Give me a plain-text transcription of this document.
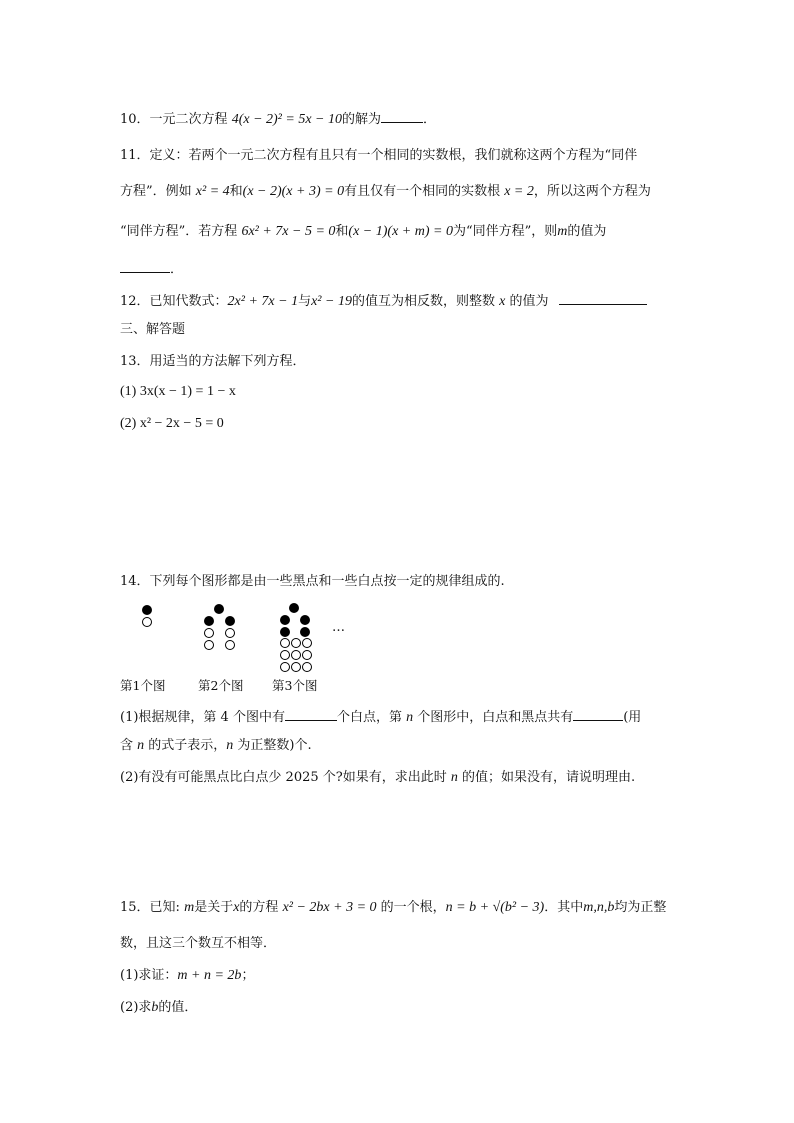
10．一元二次方程 4(x − 2)² = 5x − 10的解为	．
11．定义：若两个一元二次方程有且只有一个相同的实数根，我们就称这两个方程为“同伴
方程”．例如 x² = 4和(x − 2)(x + 3) = 0有且仅有一个相同的实数根 x = 2，所以这两个方程为
“同伴方程”．若方程 6x² + 7x − 5 = 0和(x − 1)(x + m) = 0为“同伴方程”，则m的值为
．
12．已知代数式：2x² + 7x − 1与x² − 19的值互为相反数，则整数 x 的值为
三、解答题
13．用适当的方法解下列方程．
(1) 3x(x − 1) = 1 − x
(2) x² − 2x − 5 = 0
14．下列每个图形都是由一些黑点和一些白点按一定的规律组成的.
…
第1个图	第2个图 第3个图
(1)根据规律，第 4 个图中有	个白点，第 n 个图形中，白点和黑点共有	(用
含 n 的式子表示，n 为正整数)个.
(2)有没有可能黑点比白点少 2025 个?如果有，求出此时 n 的值；如果没有，请说明理由.
15．已知: m是关于x的方程 x² − 2bx + 3 = 0 的一个根，n = b + √(b² − 3)．其中m,n,b均为正整
数，且这三个数互不相等．
(1)求证：m + n = 2b；
(2)求b的值．
